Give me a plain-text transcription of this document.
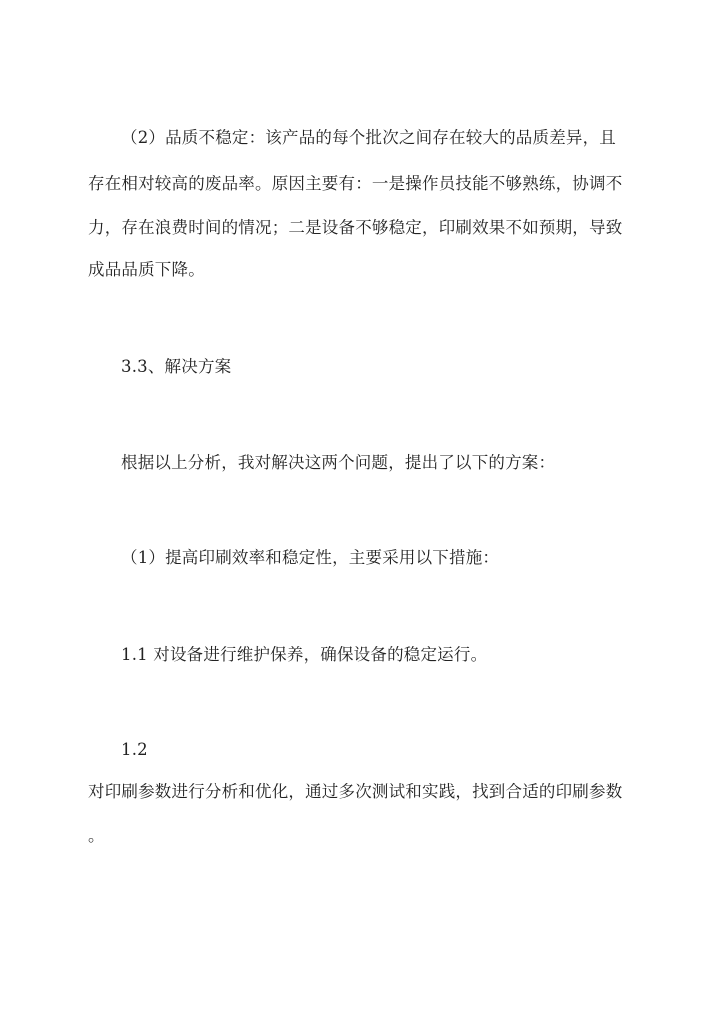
（2）品质不稳定：该产品的每个批次之间存在较大的品质差异，且
存在相对较高的废品率。原因主要有：一是操作员技能不够熟练，协调不
力，存在浪费时间的情况；二是设备不够稳定，印刷效果不如预期，导致
成品品质下降。
3.3、解决方案
根据以上分析，我对解决这两个问题，提出了以下的方案：
（1）提高印刷效率和稳定性，主要采用以下措施：
1.1 对设备进行维护保养，确保设备的稳定运行。
1.2
对印刷参数进行分析和优化，通过多次测试和实践，找到合适的印刷参数
。
